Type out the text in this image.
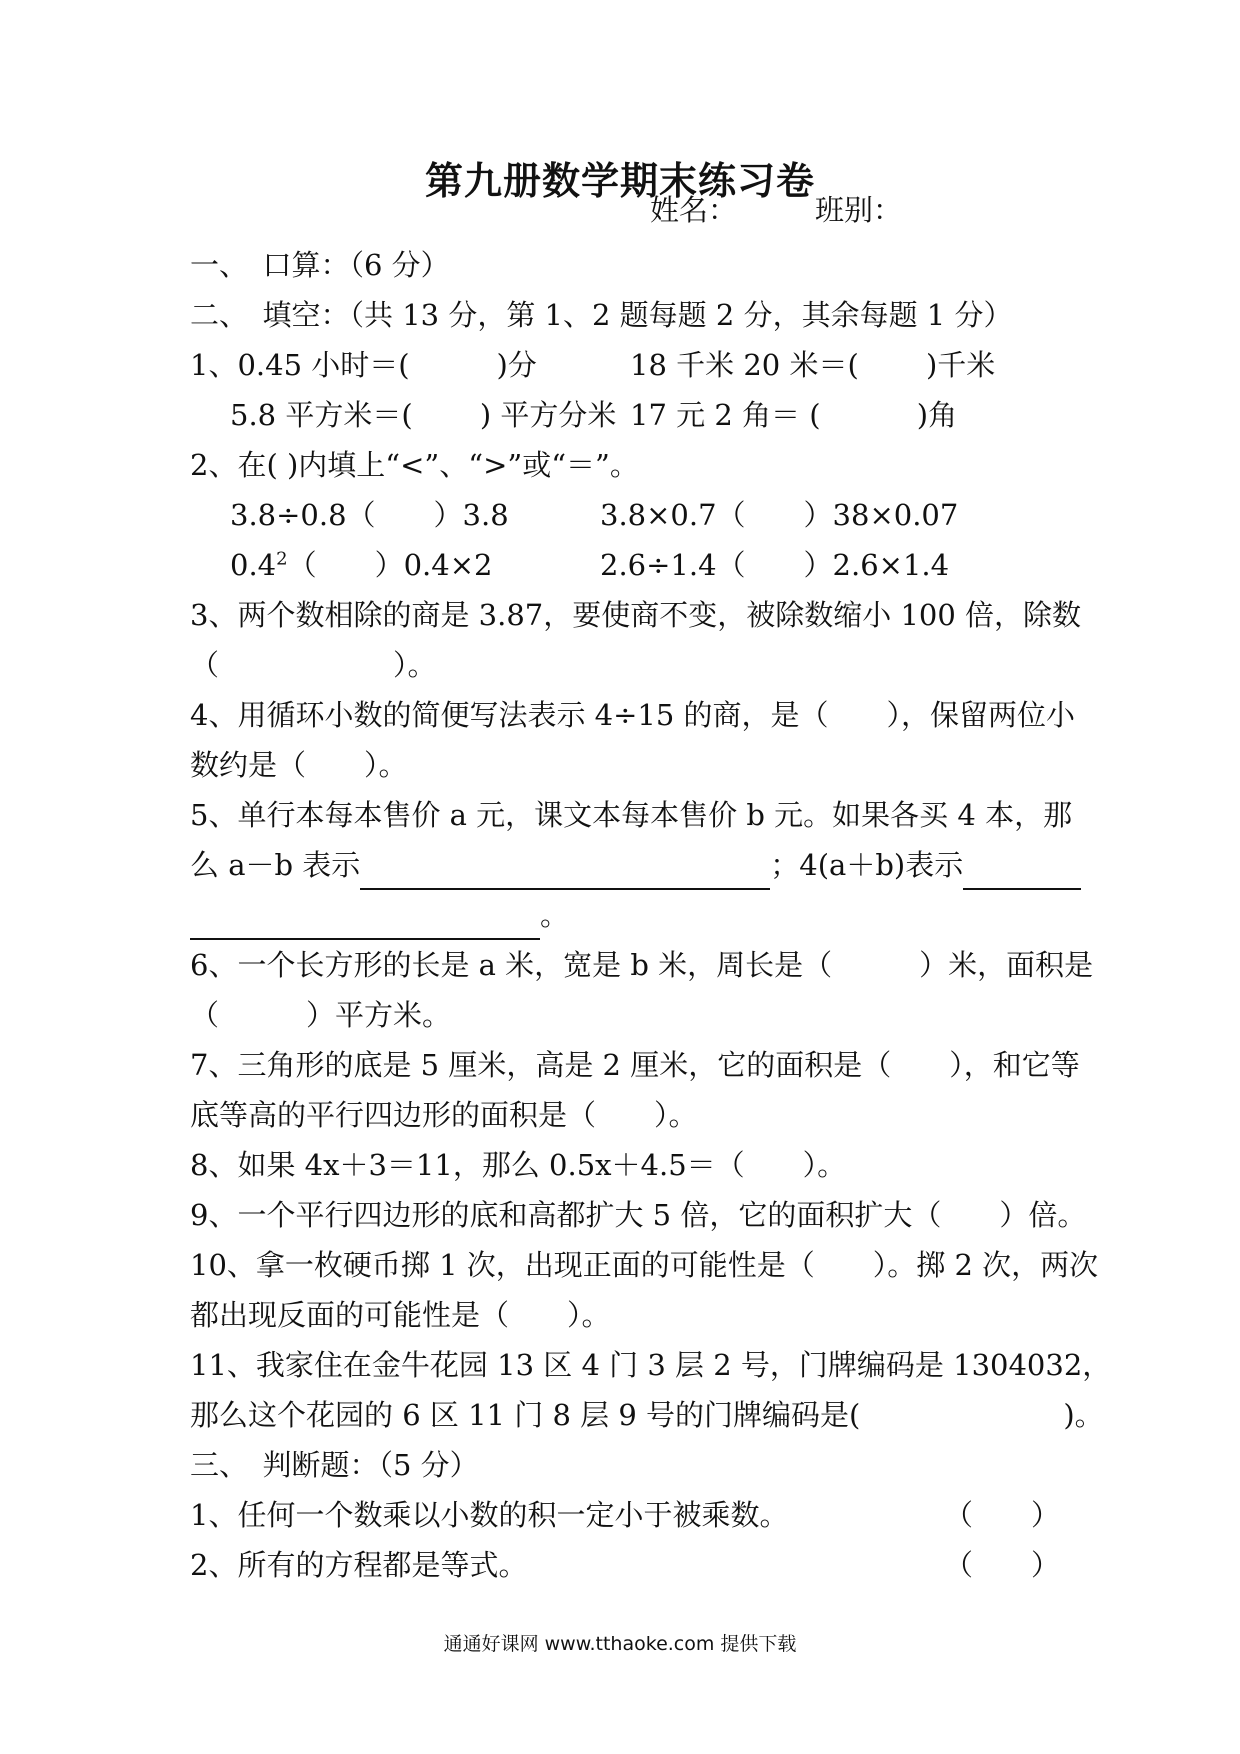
第九册数学期末练习卷
姓名：	班别：
一、　口算：（6 分）
二、　填空：（共 13 分，第 1、2 题每题 2 分，其余每题 1 分）
1、0.45 小时＝(　　　)分	18 千米 20 米＝(　　 )千米
5.8 平方米＝(　　 ) 平方分米 17 元 2 角＝ (　　　 )角
2、在( )内填上“<”、“>”或“＝”。
3.8÷0.8（　　）3.8	3.8×0.7（　　）38×0.07
$0.4^2$（　　）0.4×2	2.6÷1.4（　　）2.6×1.4
3、两个数相除的商是 3.87，要使商不变，被除数缩小 100 倍，除数
（　　　　　　）。
4、用循环小数的简便写法表示 4÷15 的商，是（　　），保留两位小
数约是（　　）。
5、单行本每本售价 a 元，课文本每本售价 b 元。如果各买 4 本，那
么 a－b 表示	；4(a＋b)表示
。
6、一个长方形的长是 a 米，宽是 b 米，周长是（　　　）米，面积是
（　　　）平方米。
7、三角形的底是 5 厘米，高是 2 厘米，它的面积是（　　），和它等
底等高的平行四边形的面积是（　　）。
8、如果 4x＋3＝11，那么 0.5x＋4.5＝（　　）。
9、一个平行四边形的底和高都扩大 5 倍，它的面积扩大（　　）倍。
10、拿一枚硬币掷 1 次，出现正面的可能性是（　　）。掷 2 次，两次
都出现反面的可能性是（　　）。
11、我家住在金牛花园 13 区 4 门 3 层 2 号，门牌编码是 1304032，
那么这个花园的 6 区 11 门 8 层 9 号的门牌编码是(　　　　　　　)。
三、　判断题：（5 分）
1、任何一个数乘以小数的积一定小于被乘数。	（　　）
2、所有的方程都是等式。	（　　）
通通好课网 www.tthaoke.com 提供下载
